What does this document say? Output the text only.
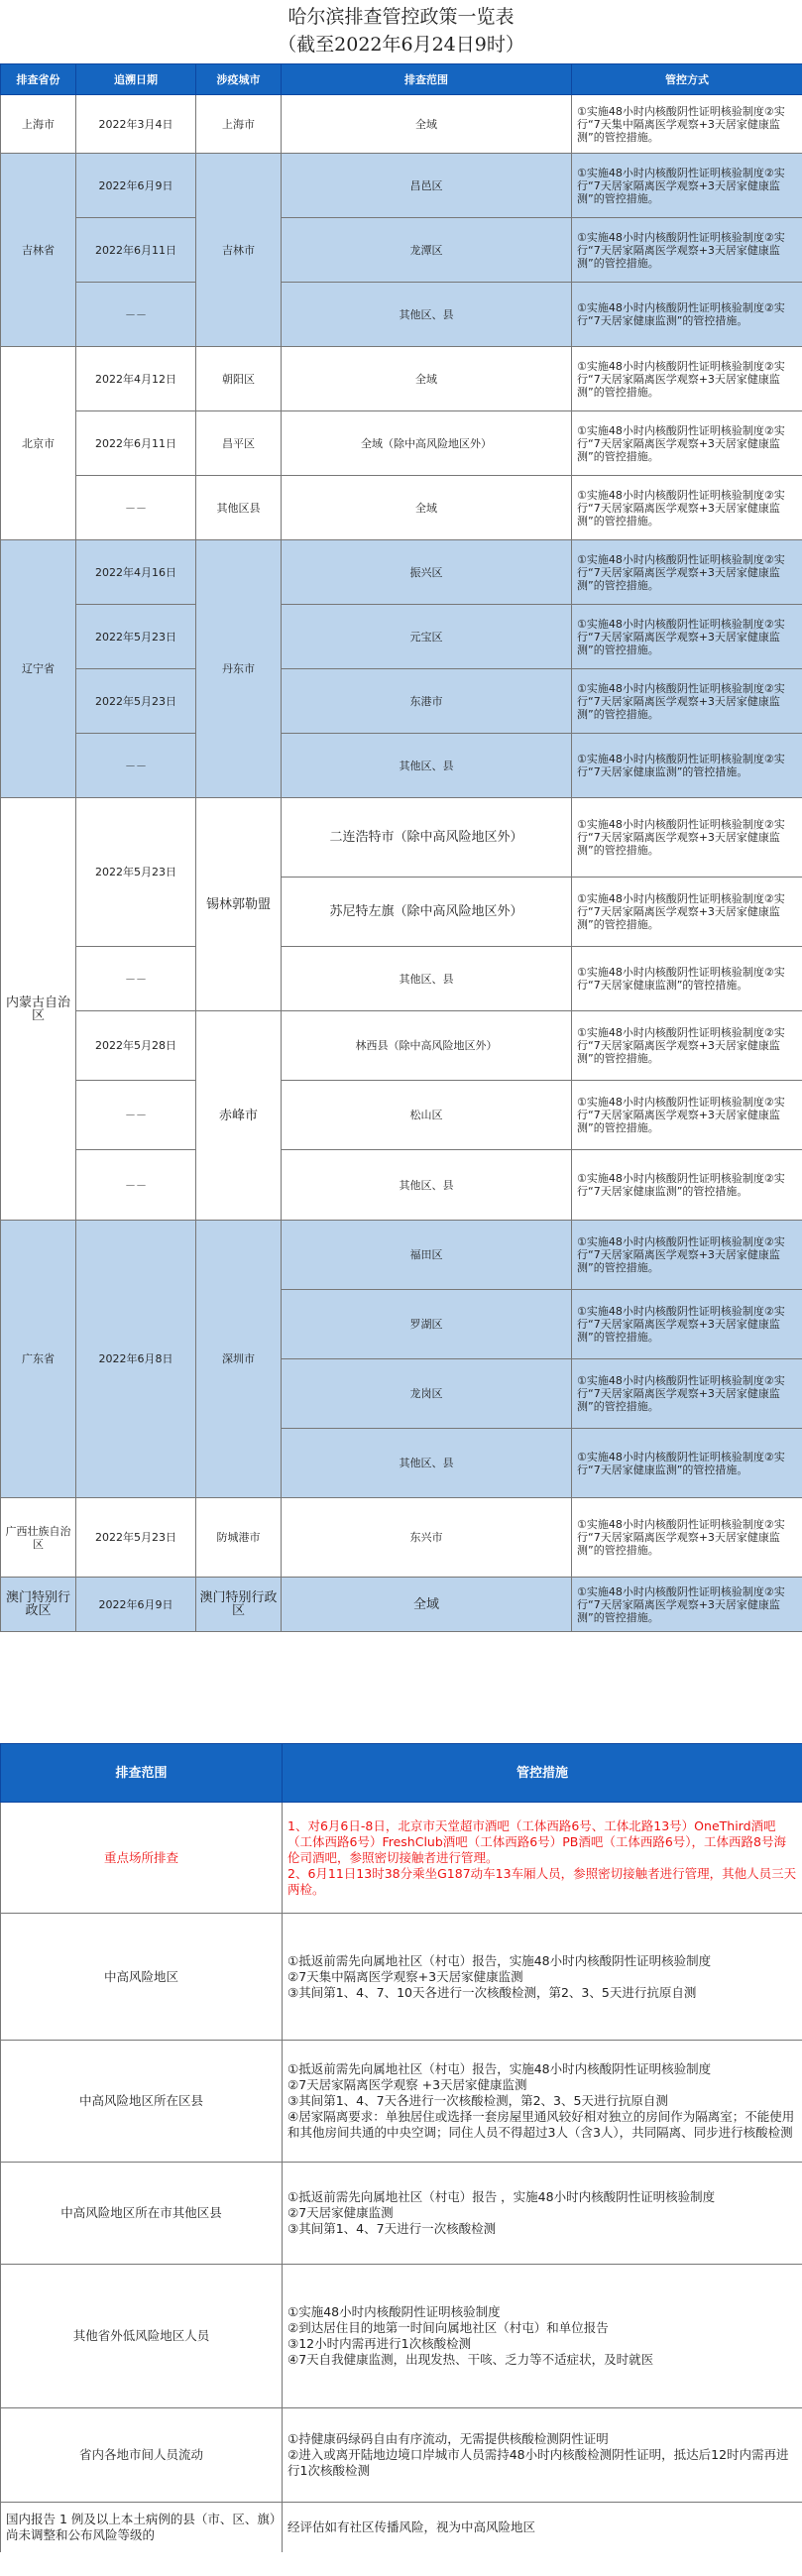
哈尔滨排查管控政策一览表
（截至2022年6月24日9时）
排查省份	追溯日期	涉疫城市	排查范围	管控方式
上海市	2022年3月4日	上海市	全域	①实施48小时内核酸阴性证明核验制度②实行“7天集中隔离医学观察+3天居家健康监测”的管控措施。
吉林省	2022年6月9日	吉林市	昌邑区	①实施48小时内核酸阴性证明核验制度②实行“7天居家隔离医学观察+3天居家健康监测”的管控措施。
	2022年6月11日		龙潭区	①实施48小时内核酸阴性证明核验制度②实行“7天居家隔离医学观察+3天居家健康监测”的管控措施。
	－－		其他区、县	①实施48小时内核酸阴性证明核验制度②实行“7天居家健康监测”的管控措施。
北京市	2022年4月12日	朝阳区	全域	①实施48小时内核酸阴性证明核验制度②实行“7天居家隔离医学观察+3天居家健康监测”的管控措施。
	2022年6月11日	昌平区	全域（除中高风险地区外）	①实施48小时内核酸阴性证明核验制度②实行“7天居家隔离医学观察+3天居家健康监测”的管控措施。
	－－	其他区县	全域	①实施48小时内核酸阴性证明核验制度②实行“7天居家隔离医学观察+3天居家健康监测”的管控措施。
辽宁省	2022年4月16日	丹东市	振兴区	①实施48小时内核酸阴性证明核验制度②实行“7天居家隔离医学观察+3天居家健康监测”的管控措施。
	2022年5月23日		元宝区	①实施48小时内核酸阴性证明核验制度②实行“7天居家隔离医学观察+3天居家健康监测”的管控措施。
	2022年5月23日		东港市	①实施48小时内核酸阴性证明核验制度②实行“7天居家隔离医学观察+3天居家健康监测”的管控措施。
	－－		其他区、县	①实施48小时内核酸阴性证明核验制度②实行“7天居家健康监测”的管控措施。
内蒙古自治区	2022年5月23日	锡林郭勒盟	二连浩特市（除中高风险地区外）	①实施48小时内核酸阴性证明核验制度②实行“7天居家隔离医学观察+3天居家健康监测”的管控措施。
			苏尼特左旗（除中高风险地区外）	①实施48小时内核酸阴性证明核验制度②实行“7天居家隔离医学观察+3天居家健康监测”的管控措施。
	－－		其他区、县	①实施48小时内核酸阴性证明核验制度②实行“7天居家健康监测”的管控措施。
	2022年5月28日	赤峰市	林西县（除中高风险地区外）	①实施48小时内核酸阴性证明核验制度②实行“7天居家隔离医学观察+3天居家健康监测”的管控措施。
	－－		松山区	①实施48小时内核酸阴性证明核验制度②实行“7天居家隔离医学观察+3天居家健康监测”的管控措施。
	－－		其他区、县	①实施48小时内核酸阴性证明核验制度②实行“7天居家健康监测”的管控措施。
广东省	2022年6月8日	深圳市	福田区	①实施48小时内核酸阴性证明核验制度②实行“7天居家隔离医学观察+3天居家健康监测”的管控措施。
			罗湖区	①实施48小时内核酸阴性证明核验制度②实行“7天居家隔离医学观察+3天居家健康监测”的管控措施。
			龙岗区	①实施48小时内核酸阴性证明核验制度②实行“7天居家隔离医学观察+3天居家健康监测”的管控措施。
			其他区、县	①实施48小时内核酸阴性证明核验制度②实行“7天居家健康监测”的管控措施。
广西壮族自治区	2022年5月23日	防城港市	东兴市	①实施48小时内核酸阴性证明核验制度②实行“7天居家隔离医学观察+3天居家健康监测”的管控措施。
澳门特别行政区	2022年6月9日	澳门特别行政区	全域	①实施48小时内核酸阴性证明核验制度②实行“7天居家隔离医学观察+3天居家健康监测”的管控措施。
排查范围	管控措施
重点场所排查	1、对6月6日-8日，北京市天堂超市酒吧（工体西路6号、工体北路13号）OneThird酒吧（工体西路6号）FreshClub酒吧（工体西路6号）PB酒吧（工体西路6号），工体西路8号海伦司酒吧，参照密切接触者进行管理。
2、6月11日13时38分乘坐G187动车13车厢人员，参照密切接触者进行管理，其他人员三天两检。

中高风险地区	①抵返前需先向属地社区（村屯）报告，实施48小时内核酸阴性证明核验制度
②7天集中隔离医学观察+3天居家健康监测
③其间第1、4、7、10天各进行一次核酸检测，第2、3、5天进行抗原自测

中高风险地区所在区县	①抵返前需先向属地社区（村屯）报告，实施48小时内核酸阴性证明核验制度
②7天居家隔离医学观察 +3天居家健康监测
③其间第1、4、7天各进行一次核酸检测，第2、3、5天进行抗原自测
④居家隔离要求：单独居住或选择一套房屋里通风较好相对独立的房间作为隔离室；不能使用和其他房间共通的中央空调；同住人员不得超过3人（含3人），共同隔离、同步进行核酸检测

中高风险地区所在市其他区县	①抵返前需先向属地社区（村屯）报告 ，实施48小时内核酸阴性证明核验制度
②7天居家健康监测
③其间第1、4、7天进行一次核酸检测

其他省外低风险地区人员	①实施48小时内核酸阴性证明核验制度
②到达居住目的地第一时间向属地社区（村屯）和单位报告
③12小时内需再进行1次核酸检测
④7天自我健康监测，出现发热、干咳、乏力等不适症状，及时就医

省内各地市间人员流动	①持健康码绿码自由有序流动，无需提供核酸检测阴性证明
②进入或离开陆地边境口岸城市人员需持48小时内核酸检测阴性证明，抵达后12时内需再进行1次核酸检测

国内报告 1 例及以上本土病例的县（市、区、旗）尚未调整和公布风险等级的	经评估如有社区传播风险，视为中高风险地区
